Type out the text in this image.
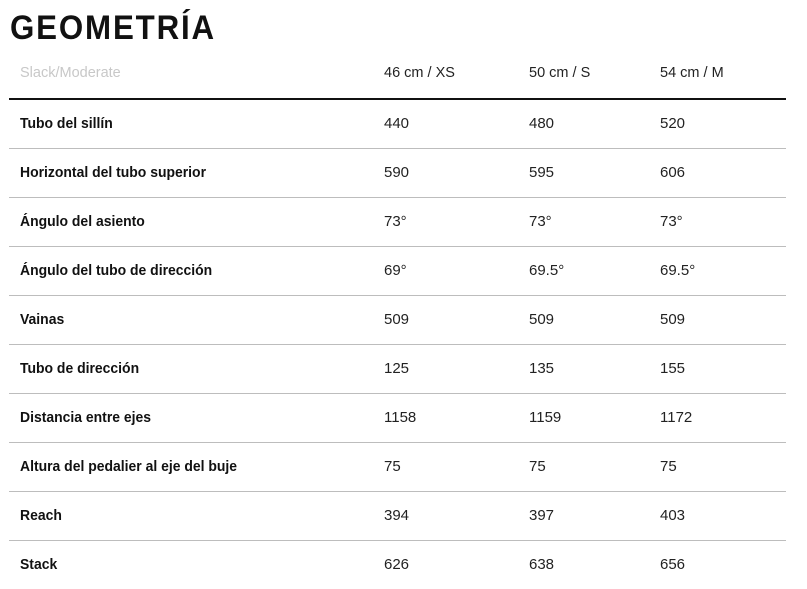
GEOMETRÍA
Slack/Moderate	46 cm / XS	50 cm / S	54 cm / M
Tubo del sillín	440	480	520
Horizontal del tubo superior	590	595	606
Ángulo del asiento	73°	73°	73°
Ángulo del tubo de dirección	69°	69.5°	69.5°
Vainas	509	509	509
Tubo de dirección	125	135	155
Distancia entre ejes	1158	1159	1172
Altura del pedalier al eje del buje	75	75	75
Reach	394	397	403
Stack	626	638	656
